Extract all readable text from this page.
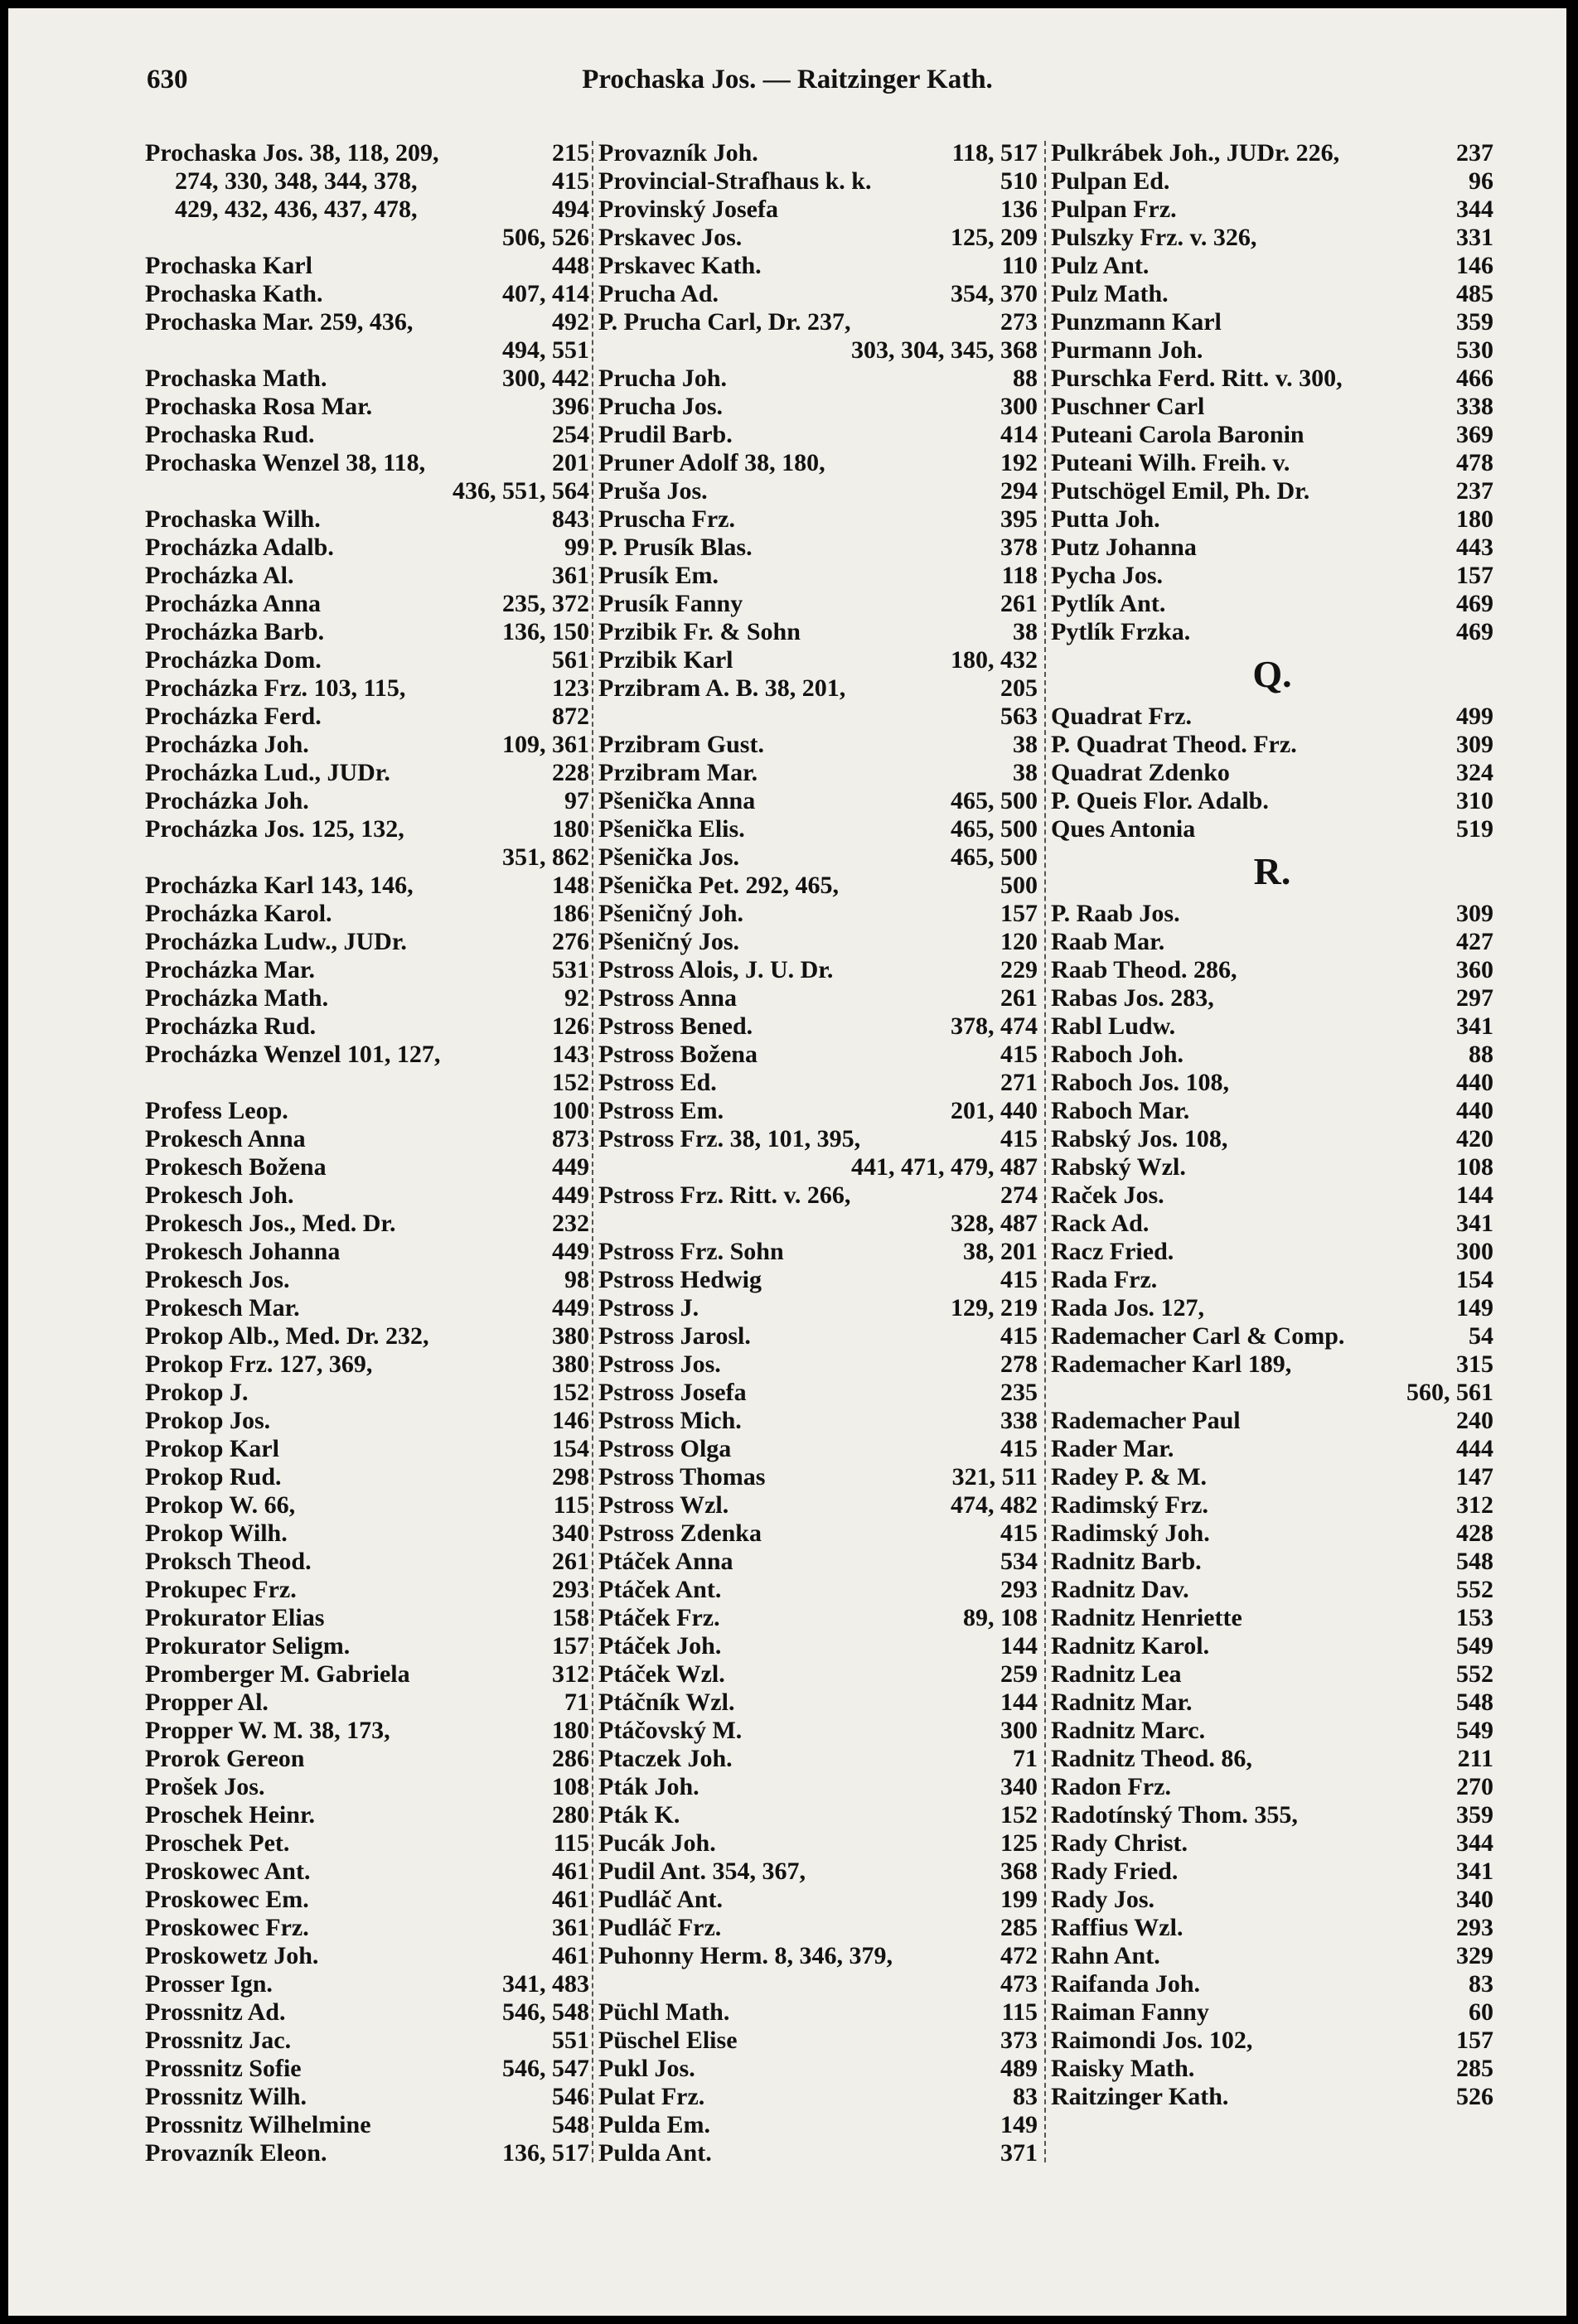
630	Prochaska Jos. — Raitzinger Kath.
Prochaska Jos. 38, 118, 209,	215
274, 330, 348, 344, 378,	415
429, 432, 436, 437, 478,	494
506, 526
Prochaska Karl	448
Prochaska Kath.	407, 414
Prochaska Mar. 259, 436,	492
494, 551
Prochaska Math.	300, 442
Prochaska Rosa Mar.	396
Prochaska Rud.	254
Prochaska Wenzel 38, 118,	201
436, 551, 564
Prochaska Wilh.	843
Procházka Adalb.	99
Procházka Al.	361
Procházka Anna	235, 372
Procházka Barb.	136, 150
Procházka Dom.	561
Procházka Frz. 103, 115,	123
Procházka Ferd.	872
Procházka Joh.	109, 361
Procházka Lud., JUDr.	228
Procházka Joh.	97
Procházka Jos. 125, 132,	180
351, 862
Procházka Karl 143, 146,	148
Procházka Karol.	186
Procházka Ludw., JUDr.	276
Procházka Mar.	531
Procházka Math.	92
Procházka Rud.	126
Procházka Wenzel 101, 127,	143
152
Profess Leop.	100
Prokesch Anna	873
Prokesch Božena	449
Prokesch Joh.	449
Prokesch Jos., Med. Dr.	232
Prokesch Johanna	449
Prokesch Jos.	98
Prokesch Mar.	449
Prokop Alb., Med. Dr. 232,	380
Prokop Frz. 127, 369,	380
Prokop J.	152
Prokop Jos.	146
Prokop Karl	154
Prokop Rud.	298
Prokop W. 66,	115
Prokop Wilh.	340
Proksch Theod.	261
Prokupec Frz.	293
Prokurator Elias	158
Prokurator Seligm.	157
Promberger M. Gabriela	312
Propper Al.	71
Propper W. M. 38, 173,	180
Prorok Gereon	286
Prošek Jos.	108
Proschek Heinr.	280
Proschek Pet.	115
Proskowec Ant.	461
Proskowec Em.	461
Proskowec Frz.	361
Proskowetz Joh.	461
Prosser Ign.	341, 483
Prossnitz Ad.	546, 548
Prossnitz Jac.	551
Prossnitz Sofie	546, 547
Prossnitz Wilh.	546
Prossnitz Wilhelmine	548
Provazník Eleon.	136, 517
Provazník Joh.	118, 517
Provincial-Strafhaus k. k.	510
Provinský Josefa	136
Prskavec Jos.	125, 209
Prskavec Kath.	110
Prucha Ad.	354, 370
P. Prucha Carl, Dr. 237,	273
303, 304, 345, 368
Prucha Joh.	88
Prucha Jos.	300
Prudil Barb.	414
Pruner Adolf 38, 180,	192
Pruša Jos.	294
Pruscha Frz.	395
P. Prusík Blas.	378
Prusík Em.	118
Prusík Fanny	261
Przibik Fr. & Sohn	38
Przibik Karl	180, 432
Przibram A. B. 38, 201,	205
563
Przibram Gust.	38
Przibram Mar.	38
Pšenička Anna	465, 500
Pšenička Elis.	465, 500
Pšenička Jos.	465, 500
Pšenička Pet. 292, 465,	500
Pšeničný Joh.	157
Pšeničný Jos.	120
Pstross Alois, J. U. Dr.	229
Pstross Anna	261
Pstross Bened.	378, 474
Pstross Božena	415
Pstross Ed.	271
Pstross Em.	201, 440
Pstross Frz. 38, 101, 395,	415
441, 471, 479, 487
Pstross Frz. Ritt. v. 266,	274
328, 487
Pstross Frz. Sohn	38, 201
Pstross Hedwig	415
Pstross J.	129, 219
Pstross Jarosl.	415
Pstross Jos.	278
Pstross Josefa	235
Pstross Mich.	338
Pstross Olga	415
Pstross Thomas	321, 511
Pstross Wzl.	474, 482
Pstross Zdenka	415
Ptáček Anna	534
Ptáček Ant.	293
Ptáček Frz.	89, 108
Ptáček Joh.	144
Ptáček Wzl.	259
Ptáčník Wzl.	144
Ptáčovský M.	300
Ptaczek Joh.	71
Pták Joh.	340
Pták K.	152
Pucák Joh.	125
Pudil Ant. 354, 367,	368
Pudláč Ant.	199
Pudláč Frz.	285
Puhonny Herm. 8, 346, 379,	472
473
Püchl Math.	115
Püschel Elise	373
Pukl Jos.	489
Pulat Frz.	83
Pulda Em.	149
Pulda Ant.	371
Pulkrábek Joh., JUDr. 226,	237
Pulpan Ed.	96
Pulpan Frz.	344
Pulszky Frz. v. 326,	331
Pulz Ant.	146
Pulz Math.	485
Punzmann Karl	359
Purmann Joh.	530
Purschka Ferd. Ritt. v. 300,	466
Puschner Carl	338
Puteani Carola Baronin	369
Puteani Wilh. Freih. v.	478
Putschögel Emil, Ph. Dr.	237
Putta Joh.	180
Putz Johanna	443
Pycha Jos.	157
Pytlík Ant.	469
Pytlík Frzka.	469
Q.
Quadrat Frz.	499
P. Quadrat Theod. Frz.	309
Quadrat Zdenko	324
P. Queis Flor. Adalb.	310
Ques Antonia	519
R.
P. Raab Jos.	309
Raab Mar.	427
Raab Theod. 286,	360
Rabas Jos. 283,	297
Rabl Ludw.	341
Raboch Joh.	88
Raboch Jos. 108,	440
Raboch Mar.	440
Rabský Jos. 108,	420
Rabský Wzl.	108
Raček Jos.	144
Rack Ad.	341
Racz Fried.	300
Rada Frz.	154
Rada Jos. 127,	149
Rademacher Carl & Comp.	54
Rademacher Karl 189,	315
560, 561
Rademacher Paul	240
Rader Mar.	444
Radey P. & M.	147
Radimský Frz.	312
Radimský Joh.	428
Radnitz Barb.	548
Radnitz Dav.	552
Radnitz Henriette	153
Radnitz Karol.	549
Radnitz Lea	552
Radnitz Mar.	548
Radnitz Marc.	549
Radnitz Theod. 86,	211
Radon Frz.	270
Radotínský Thom. 355,	359
Rady Christ.	344
Rady Fried.	341
Rady Jos.	340
Raffius Wzl.	293
Rahn Ant.	329
Raifanda Joh.	83
Raiman Fanny	60
Raimondi Jos. 102,	157
Raisky Math.	285
Raitzinger Kath.	526
